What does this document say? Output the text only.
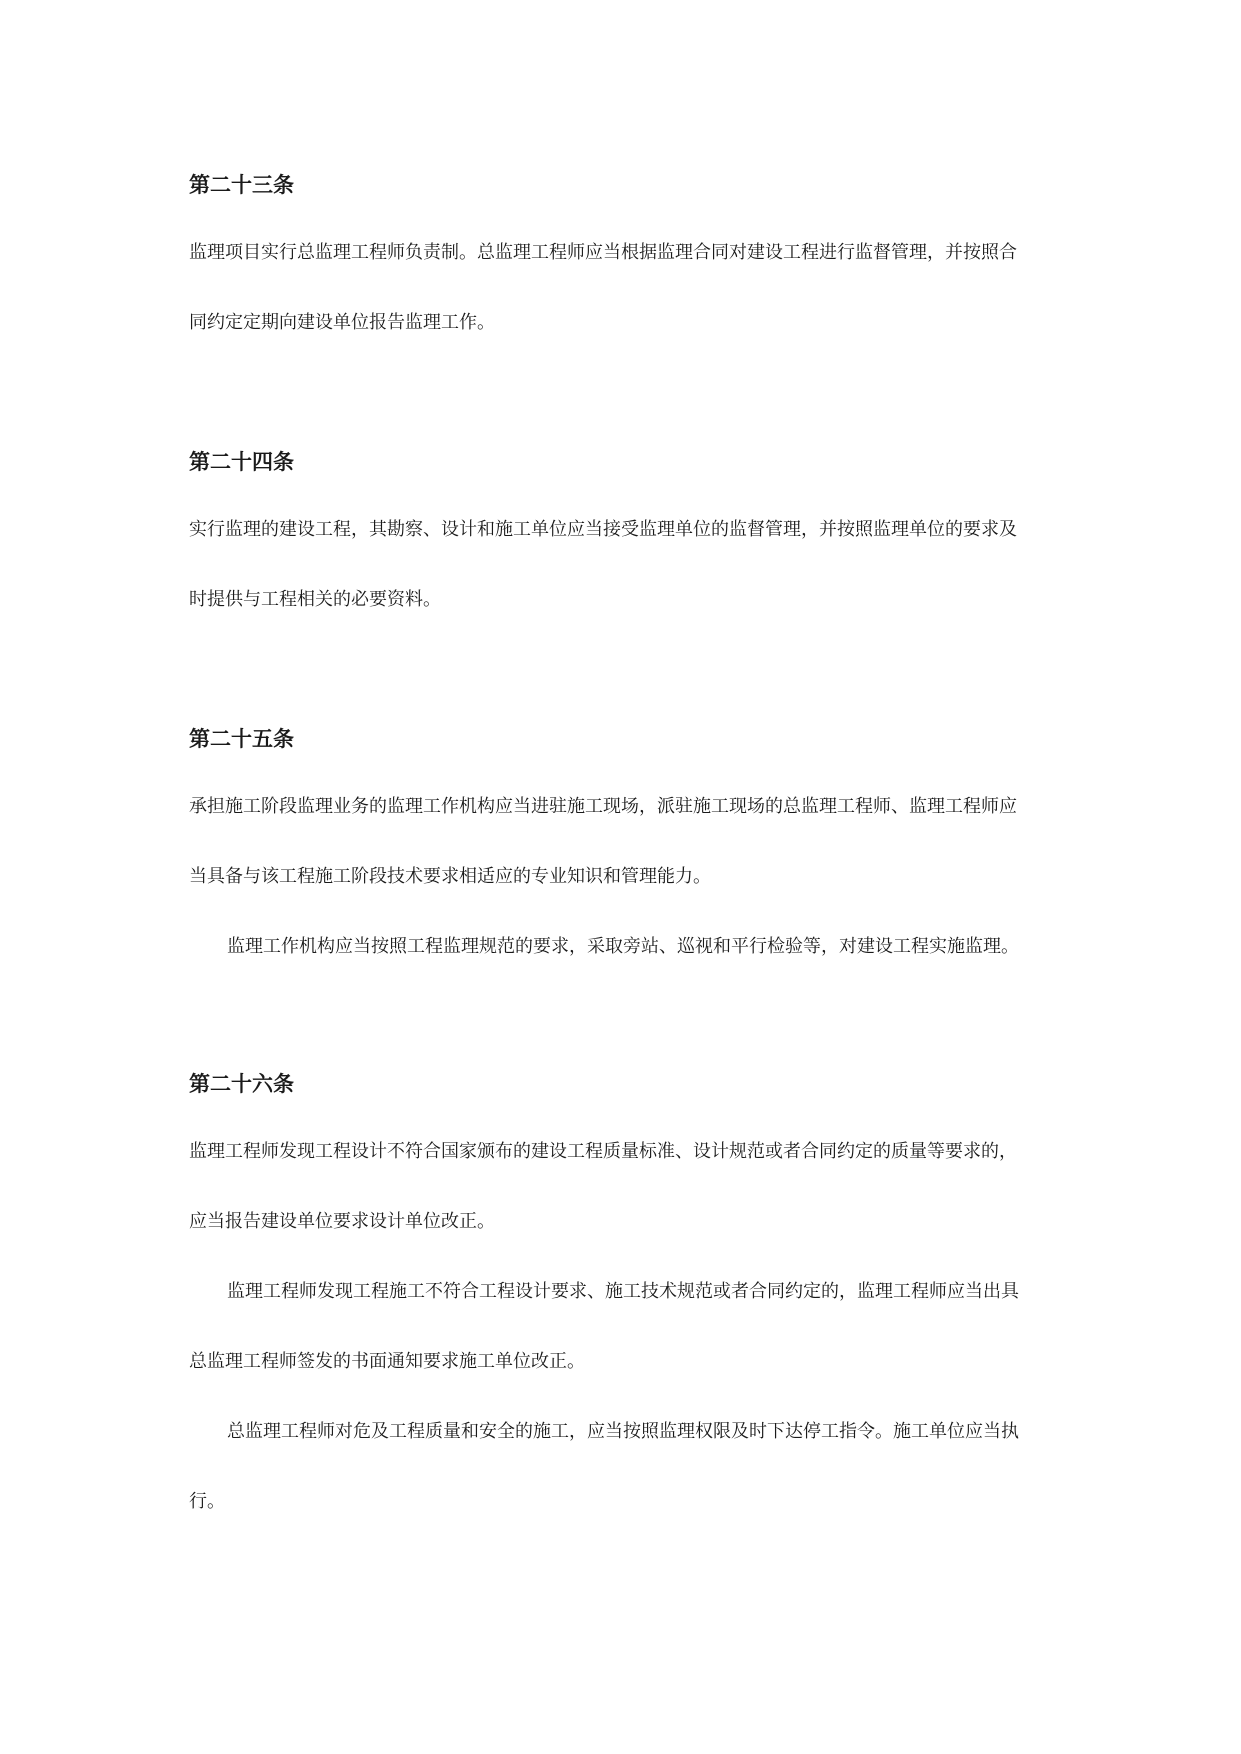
第二十三条

监理项目实行总监理工程师负责制。总监理工程师应当根据监理合同对建设工程进行监督管理，并按照合

同约定定期向建设单位报告监理工作。

第二十四条

实行监理的建设工程，其勘察、设计和施工单位应当接受监理单位的监督管理，并按照监理单位的要求及

时提供与工程相关的必要资料。

第二十五条

承担施工阶段监理业务的监理工作机构应当进驻施工现场，派驻施工现场的总监理工程师、监理工程师应

当具备与该工程施工阶段技术要求相适应的专业知识和管理能力。

监理工作机构应当按照工程监理规范的要求，采取旁站、巡视和平行检验等，对建设工程实施监理。

第二十六条

监理工程师发现工程设计不符合国家颁布的建设工程质量标准、设计规范或者合同约定的质量等要求的，

应当报告建设单位要求设计单位改正。

监理工程师发现工程施工不符合工程设计要求、施工技术规范或者合同约定的，监理工程师应当出具

总监理工程师签发的书面通知要求施工单位改正。

总监理工程师对危及工程质量和安全的施工，应当按照监理权限及时下达停工指令。施工单位应当执

行。
